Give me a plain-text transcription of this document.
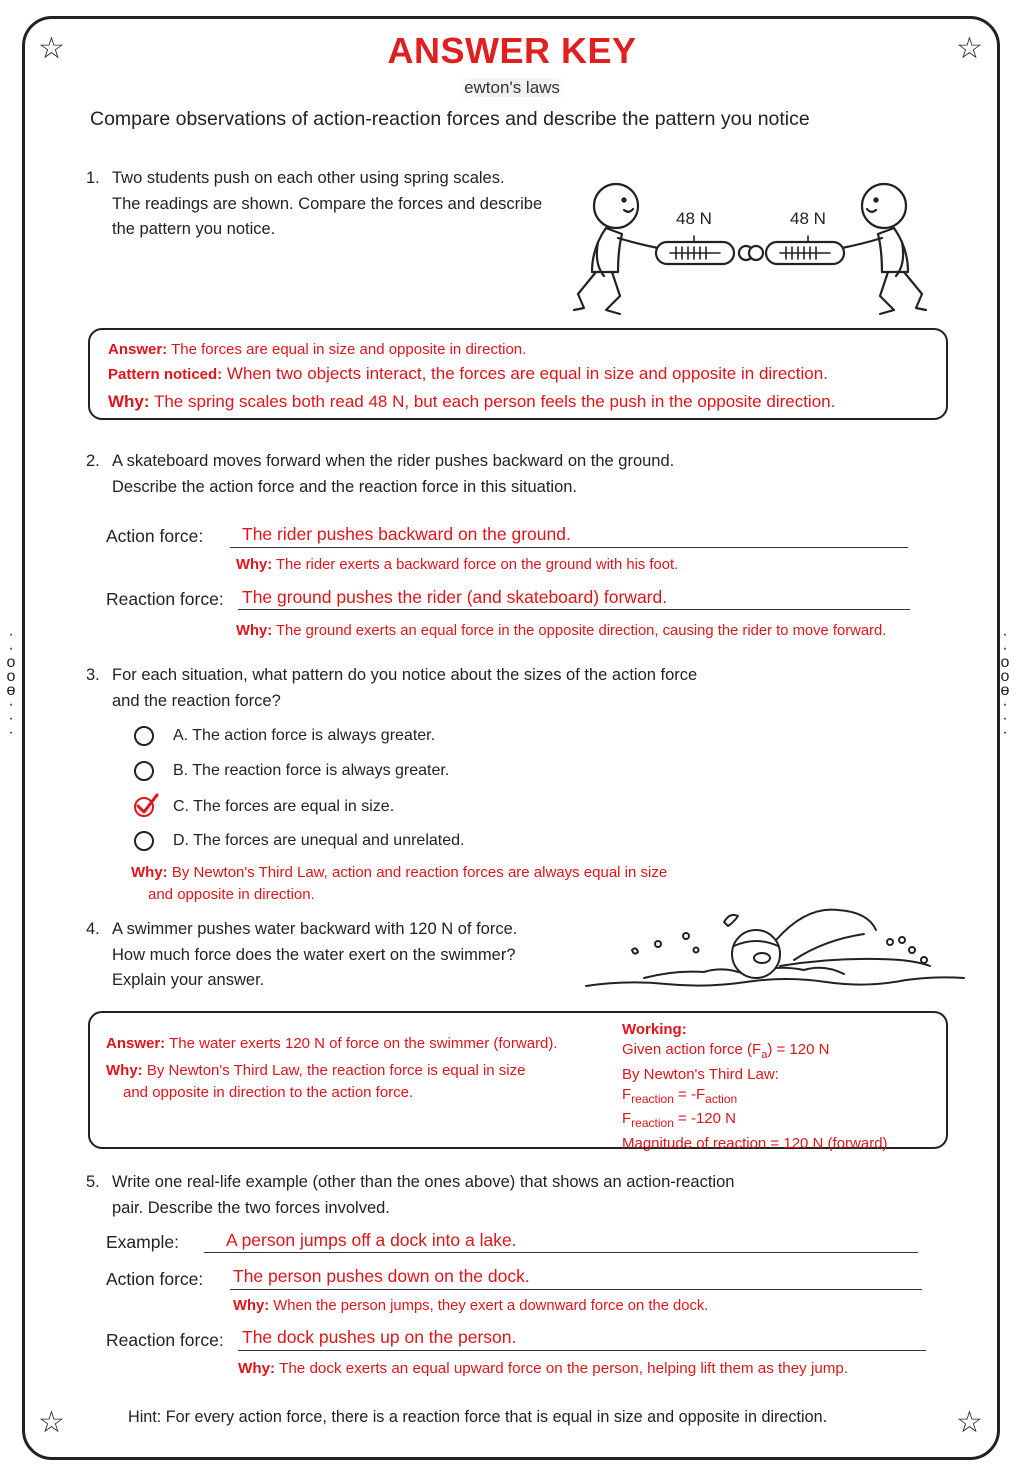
☆	☆
☆	☆
·
·
o
o
ɵ
·
·
·
·
·
o
o
ɵ
·
·
·
ANSWER KEY
ewton's laws
Compare observations of action-reaction forces and describe the pattern you notice
1. Two students push on each other using spring scales.
The readings are shown. Compare the forces and describe
the pattern you notice.
48 N	48 N
Answer: The forces are equal in size and opposite in direction.
Pattern noticed: When two objects interact, the forces are equal in size and opposite in direction.
Why: The spring scales both read 48 N, but each person feels the push in the opposite direction.
2. A skateboard moves forward when the rider pushes backward on the ground.
Describe the action force and the reaction force in this situation.
Action force: The rider pushes backward on the ground.
Why: The rider exerts a backward force on the ground with his foot.
Reaction force: The ground pushes the rider (and skateboard) forward.
Why: The ground exerts an equal force in the opposite direction, causing the rider to move forward.
3. For each situation, what pattern do you notice about the sizes of the action force
and the reaction force?
A. The action force is always greater.
B. The reaction force is always greater.
C. The forces are equal in size.
D. The forces are unequal and unrelated.
Why: By Newton's Third Law, action and reaction forces are always equal in size
and opposite in direction.
4. A swimmer pushes water backward with 120 N of force.
How much force does the water exert on the swimmer?
Explain your answer.
Answer: The water exerts 120 N of force on the swimmer (forward).
Why: By Newton's Third Law, the reaction force is equal in size
and opposite in direction to the action force.
Working:
Given action force $(F_a) = 120$ N
By Newton's Third Law:
$F_{reaction} = -F_{action}$
$F_{reaction} = -120$ N
Magnitude of reaction = 120 N (forward)
5. Write one real-life example (other than the ones above) that shows an action-reaction
pair. Describe the two forces involved.
Example:	A person jumps off a dock into a lake.
Action force: The person pushes down on the dock.
Why: When the person jumps, they exert a downward force on the dock.
Reaction force: The dock pushes up on the person.
Why: The dock exerts an equal upward force on the person, helping lift them as they jump.
Hint: For every action force, there is a reaction force that is equal in size and opposite in direction.
